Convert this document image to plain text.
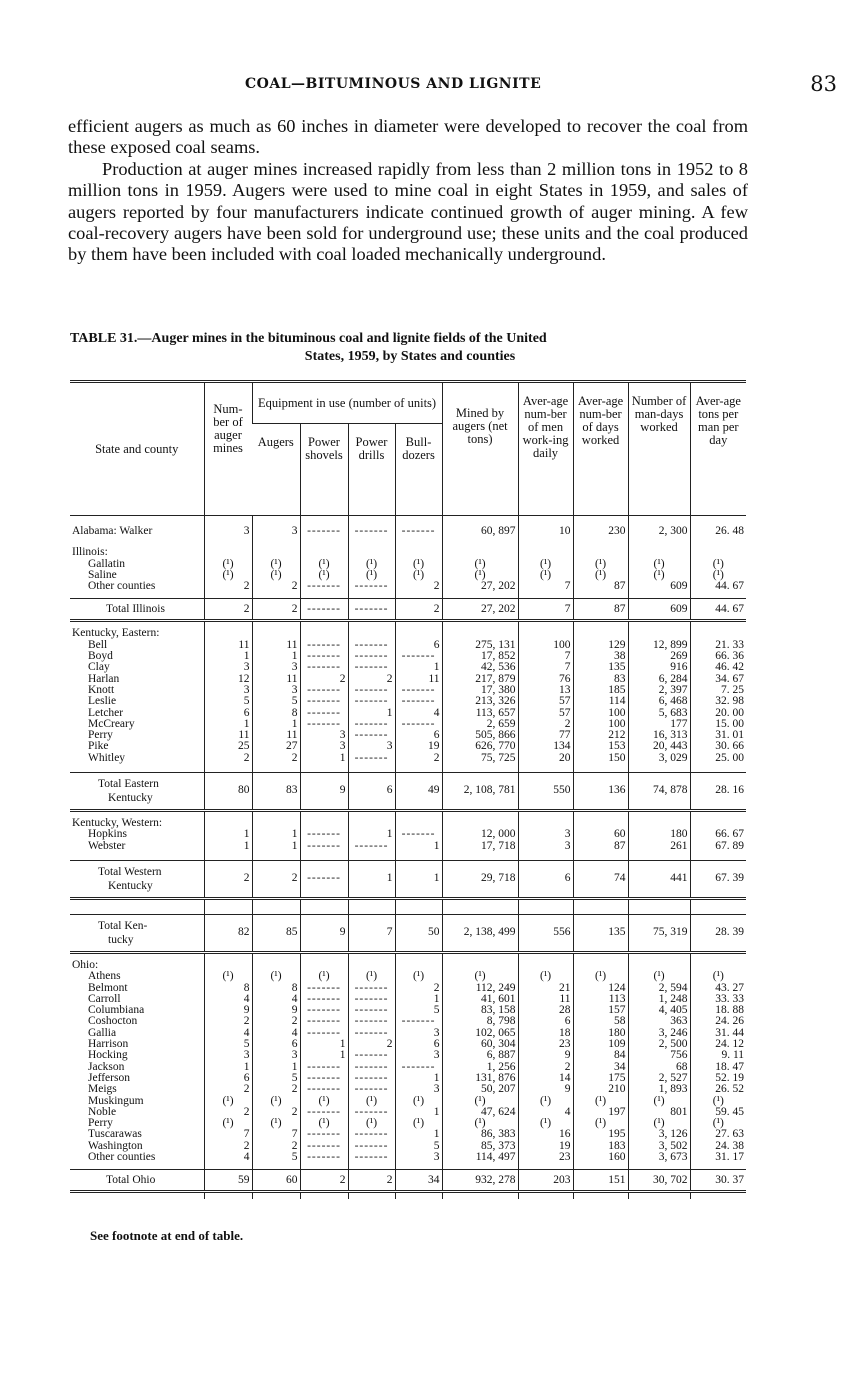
COAL—BITUMINOUS AND LIGNITE	83

efficient augers as much as 60 inches in diameter were developed to recover the coal from these exposed coal seams.

Production at auger mines increased rapidly from less than 2 million tons in 1952 to 8 million tons in 1959. Augers were used to mine coal in eight States in 1959, and sales of augers reported by four manufacturers indicate continued growth of auger mining. A few coal-recovery augers have been sold for underground use; these units and the coal produced by them have been included with coal loaded mechanically underground.

TABLE 31.—Auger mines in the bituminous coal and lignite fields of the United
States, 1959, by States and counties
State and county	Num-ber of auger mines	Equipment in use (number of units)				Mined by augers (net tons)	Aver-age num-ber of men work-ing daily	Aver-age num-ber of days worked	Number of man-days worked	Aver-age tons per man per day
		Augers	Power shovels	Power drills	Bull-dozers					

Alabama: Walker	3	3	-------	-------	-------	60, 897	10	230	2, 300	26. 48

Illinois:										
Gallatin	(¹)	(¹)	(¹)	(¹)	(¹)	(¹)	(¹)	(¹)	(¹)	(¹)
Saline	(¹)	(¹)	(¹)	(¹)	(¹)	(¹)	(¹)	(¹)	(¹)	(¹)
Other counties	2	2	-------	-------	2	27, 202	7	87	609	44. 67

Total Illinois	2	2	-------	-------	2	27, 202	7	87	609	44. 67

Kentucky, Eastern:										
Bell	11	11	-------	-------	6	275, 131	100	129	12, 899	21. 33
Boyd	1	1	-------	-------	-------	17, 852	7	38	269	66. 36
Clay	3	3	-------	-------	1	42, 536	7	135	916	46. 42
Harlan	12	11	2	2	11	217, 879	76	83	6, 284	34. 67
Knott	3	3	-------	-------	-------	17, 380	13	185	2, 397	7. 25
Leslie	5	5	-------	-------	-------	213, 326	57	114	6, 468	32. 98
Letcher	6	8	-------	1	4	113, 657	57	100	5, 683	20. 00
McCreary	1	1	-------	-------	-------	2, 659	2	100	177	15. 00
Perry	11	11	3	-------	6	505, 866	77	212	16, 313	31. 01
Pike	25	27	3	3	19	626, 770	134	153	20, 443	30. 66
Whitley	2	2	1	-------	2	75, 725	20	150	3, 029	25. 00

Total Eastern
Kentucky	80	83	9	6	49	2, 108, 781	550	136	74, 878	28. 16

Kentucky, Western:										
Hopkins	1	1	-------	1	-------	12, 000	3	60	180	66. 67
Webster	1	1	-------	-------	1	17, 718	3	87	261	67. 89

Total Western
Kentucky	2	2	-------	1	1	29, 718	6	74	441	67. 39

Total Ken-
tucky	82	85	9	7	50	2, 138, 499	556	135	75, 319	28. 39

Ohio:										
Athens	(¹)	(¹)	(¹)	(¹)	(¹)	(¹)	(¹)	(¹)	(¹)	(¹)
Belmont	8	8	-------	-------	2	112, 249	21	124	2, 594	43. 27
Carroll	4	4	-------	-------	1	41, 601	11	113	1, 248	33. 33
Columbiana	9	9	-------	-------	5	83, 158	28	157	4, 405	18. 88
Coshocton	2	2	-------	-------	-------	8, 798	6	58	363	24. 26
Gallia	4	4	-------	-------	3	102, 065	18	180	3, 246	31. 44
Harrison	5	6	1	2	6	60, 304	23	109	2, 500	24. 12
Hocking	3	3	1	-------	3	6, 887	9	84	756	9. 11
Jackson	1	1	-------	-------	-------	1, 256	2	34	68	18. 47
Jefferson	6	5	-------	-------	1	131, 876	14	175	2, 527	52. 19
Meigs	2	2	-------	-------	3	50, 207	9	210	1, 893	26. 52
Muskingum	(¹)	(¹)	(¹)	(¹)	(¹)	(¹)	(¹)	(¹)	(¹)	(¹)
Noble	2	2	-------	-------	1	47, 624	4	197	801	59. 45
Perry	(¹)	(¹)	(¹)	(¹)	(¹)	(¹)	(¹)	(¹)	(¹)	(¹)
Tuscarawas	7	7	-------	-------	1	86, 383	16	195	3, 126	27. 63
Washington	2	2	-------	-------	5	85, 373	19	183	3, 502	24. 38
Other counties	4	5	-------	-------	3	114, 497	23	160	3, 673	31. 17

Total Ohio	59	60	2	2	34	932, 278	203	151	30, 702	30. 37

See footnote at end of table.
